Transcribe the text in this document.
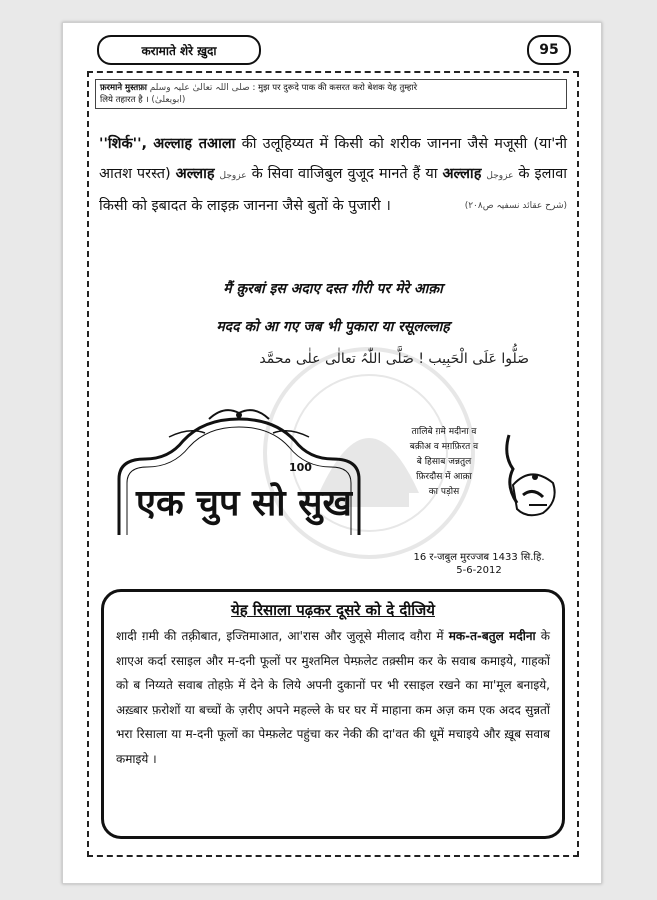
करामाते शेरे ख़ुदा	95
फ़रमाने मुस्तफ़ा صلی اللہ تعالیٰ علیہ وسلم : मुझ पर दुरूदे पाक की कसरत करो बेशक येह तुम्हारे
लिये तहारत है । (ابویعلیٰ)
''शिर्क'', अल्लाह तआला की उलूहिय्यत में किसी को शरीक जानना जैसे मजूसी (या'नी आतश परस्त) अल्लाह عزوجل के सिवा वाजिबुल वुजूद मानते हैं या अल्लाह عزوجل के इलावा किसी को इबादत के लाइक़ जानना जैसे बुतों के पुजारी ।	(شرح عقائد نسفیہ ص۲۰۸)
मैं क़ुरबां इस अदाए दस्त गीरी पर मेरे आक़ा
मदद को आ गए जब भी पुकारा या रसूलल्लाह
صَلُّوا عَلَی الْحَبِیب ! صَلَّی اللّٰہُ تعالٰی علٰی محمَّد
100
एक चुप सो सुख
तालिबे ग़मे मदीना व
बक़ीअ व मग़फ़िरत व
बे हिसाब जन्नतुल
फ़िरदौस में आक़ा
का पड़ोस
16 र-जबुल मुरज्जब 1433 सि.हि.
5-6-2012
येह रिसाला पढ़कर दूसरे को दे दीजिये
शादी ग़मी की तक़्रीबात, इज्तिमाआत, आ'रास और जुलूसे मीलाद वग़ैरा में मक-त-बतुल मदीना के शाएअ कर्दा रसाइल और म-दनी फूलों पर मुश्तमिल पेम्फ़लेट तक़्सीम कर के सवाब कमाइये, गाहकों को ब निय्यते सवाब तोहफ़े में देने के लिये अपनी दुकानों पर भी रसाइल रखने का मा'मूल बनाइये, अख़्बार फ़रोशों या बच्चों के ज़रीए अपने महल्ले के घर घर में माहाना कम अज़ कम एक अदद सुन्नतों भरा रिसाला या म-दनी फूलों का पेम्फ़लेट पहुंचा कर नेकी की दा'वत की धूमें मचाइये और ख़ूब सवाब कमाइये ।
